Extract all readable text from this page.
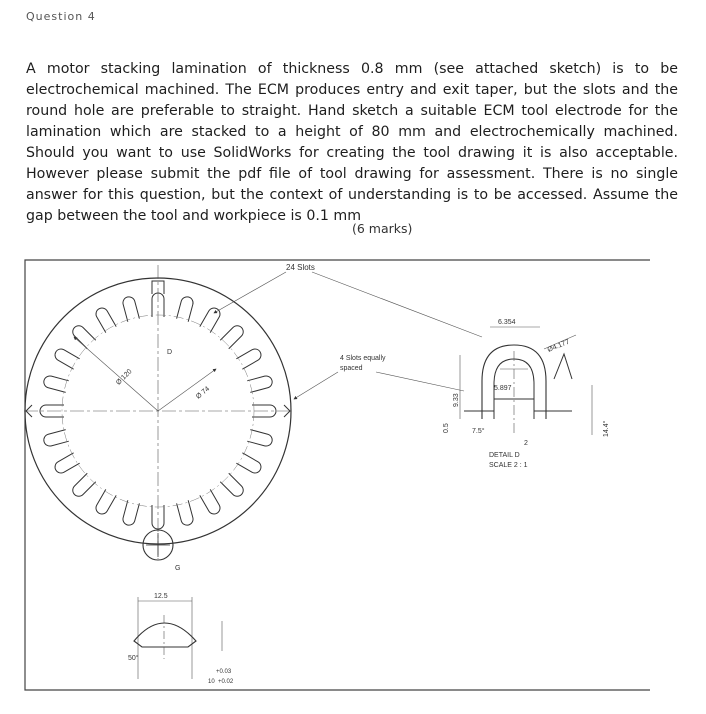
Question 4
A motor stacking lamination of thickness 0.8 mm (see attached sketch) is to be electrochemical machined. The ECM produces entry and exit taper, but the slots and the round hole are preferable to straight. Hand sketch a suitable ECM tool electrode for the lamination which are stacked to a height of 80 mm and electrochemically machined. Should you want to use SolidWorks for creating the tool drawing it is also acceptable. However please submit the pdf file of tool drawing for assessment. There is no single answer for this question, but the context of understanding is to be accessed. Assume the gap between the tool and workpiece is 0.1 mm
(6 marks)
Ø 120
Ø 74
D
G
24 Slots
4 Slots equally
spaced
6.354
Ø4.177
5.897
9.33
0.5	7.5°
2
14.4°
DETAIL D
SCALE 2 : 1
12.5
50°
+0.03
10 +0.02
